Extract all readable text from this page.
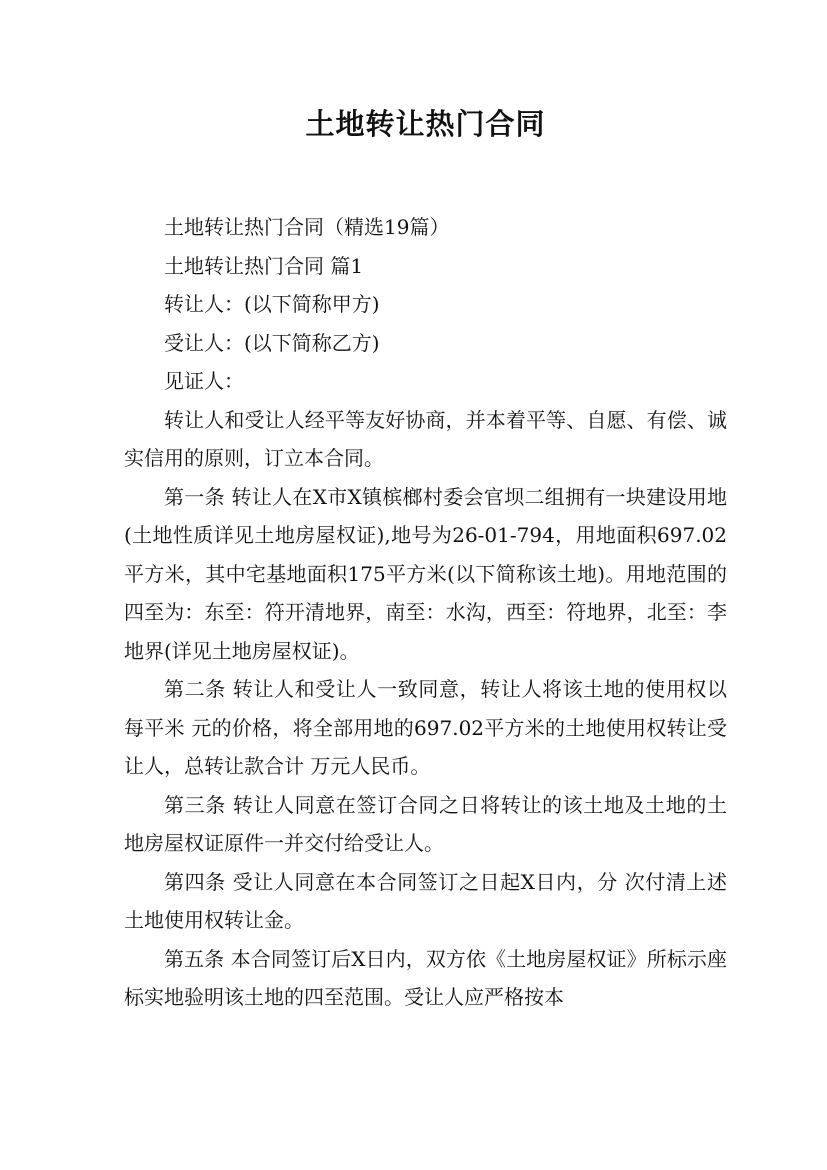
土地转让热门合同

土地转让热门合同（精选19篇）

土地转让热门合同 篇1

转让人：(以下简称甲方)

受让人：(以下简称乙方)

见证人：

转让人和受让人经平等友好协商，并本着平等、自愿、有偿、诚实信用的原则，订立本合同。

第一条 转让人在X市X镇槟榔村委会官坝二组拥有一块建设用地(土地性质详见土地房屋权证),地号为26-01-794，用地面积697.02平方米，其中宅基地面积175平方米(以下简称该土地)。用地范围的四至为：东至：符开清地界，南至：水沟，西至：符地界，北至：李地界(详见土地房屋权证)。

第二条 转让人和受让人一致同意，转让人将该土地的使用权以每平米 元的价格，将全部用地的697.02平方米的土地使用权转让受让人，总转让款合计 万元人民币。

第三条 转让人同意在签订合同之日将转让的该土地及土地的土地房屋权证原件一并交付给受让人。

第四条 受让人同意在本合同签订之日起X日内，分 次付清上述土地使用权转让金。

第五条 本合同签订后X日内，双方依《土地房屋权证》所标示座标实地验明该土地的四至范围。受让人应严格按本
